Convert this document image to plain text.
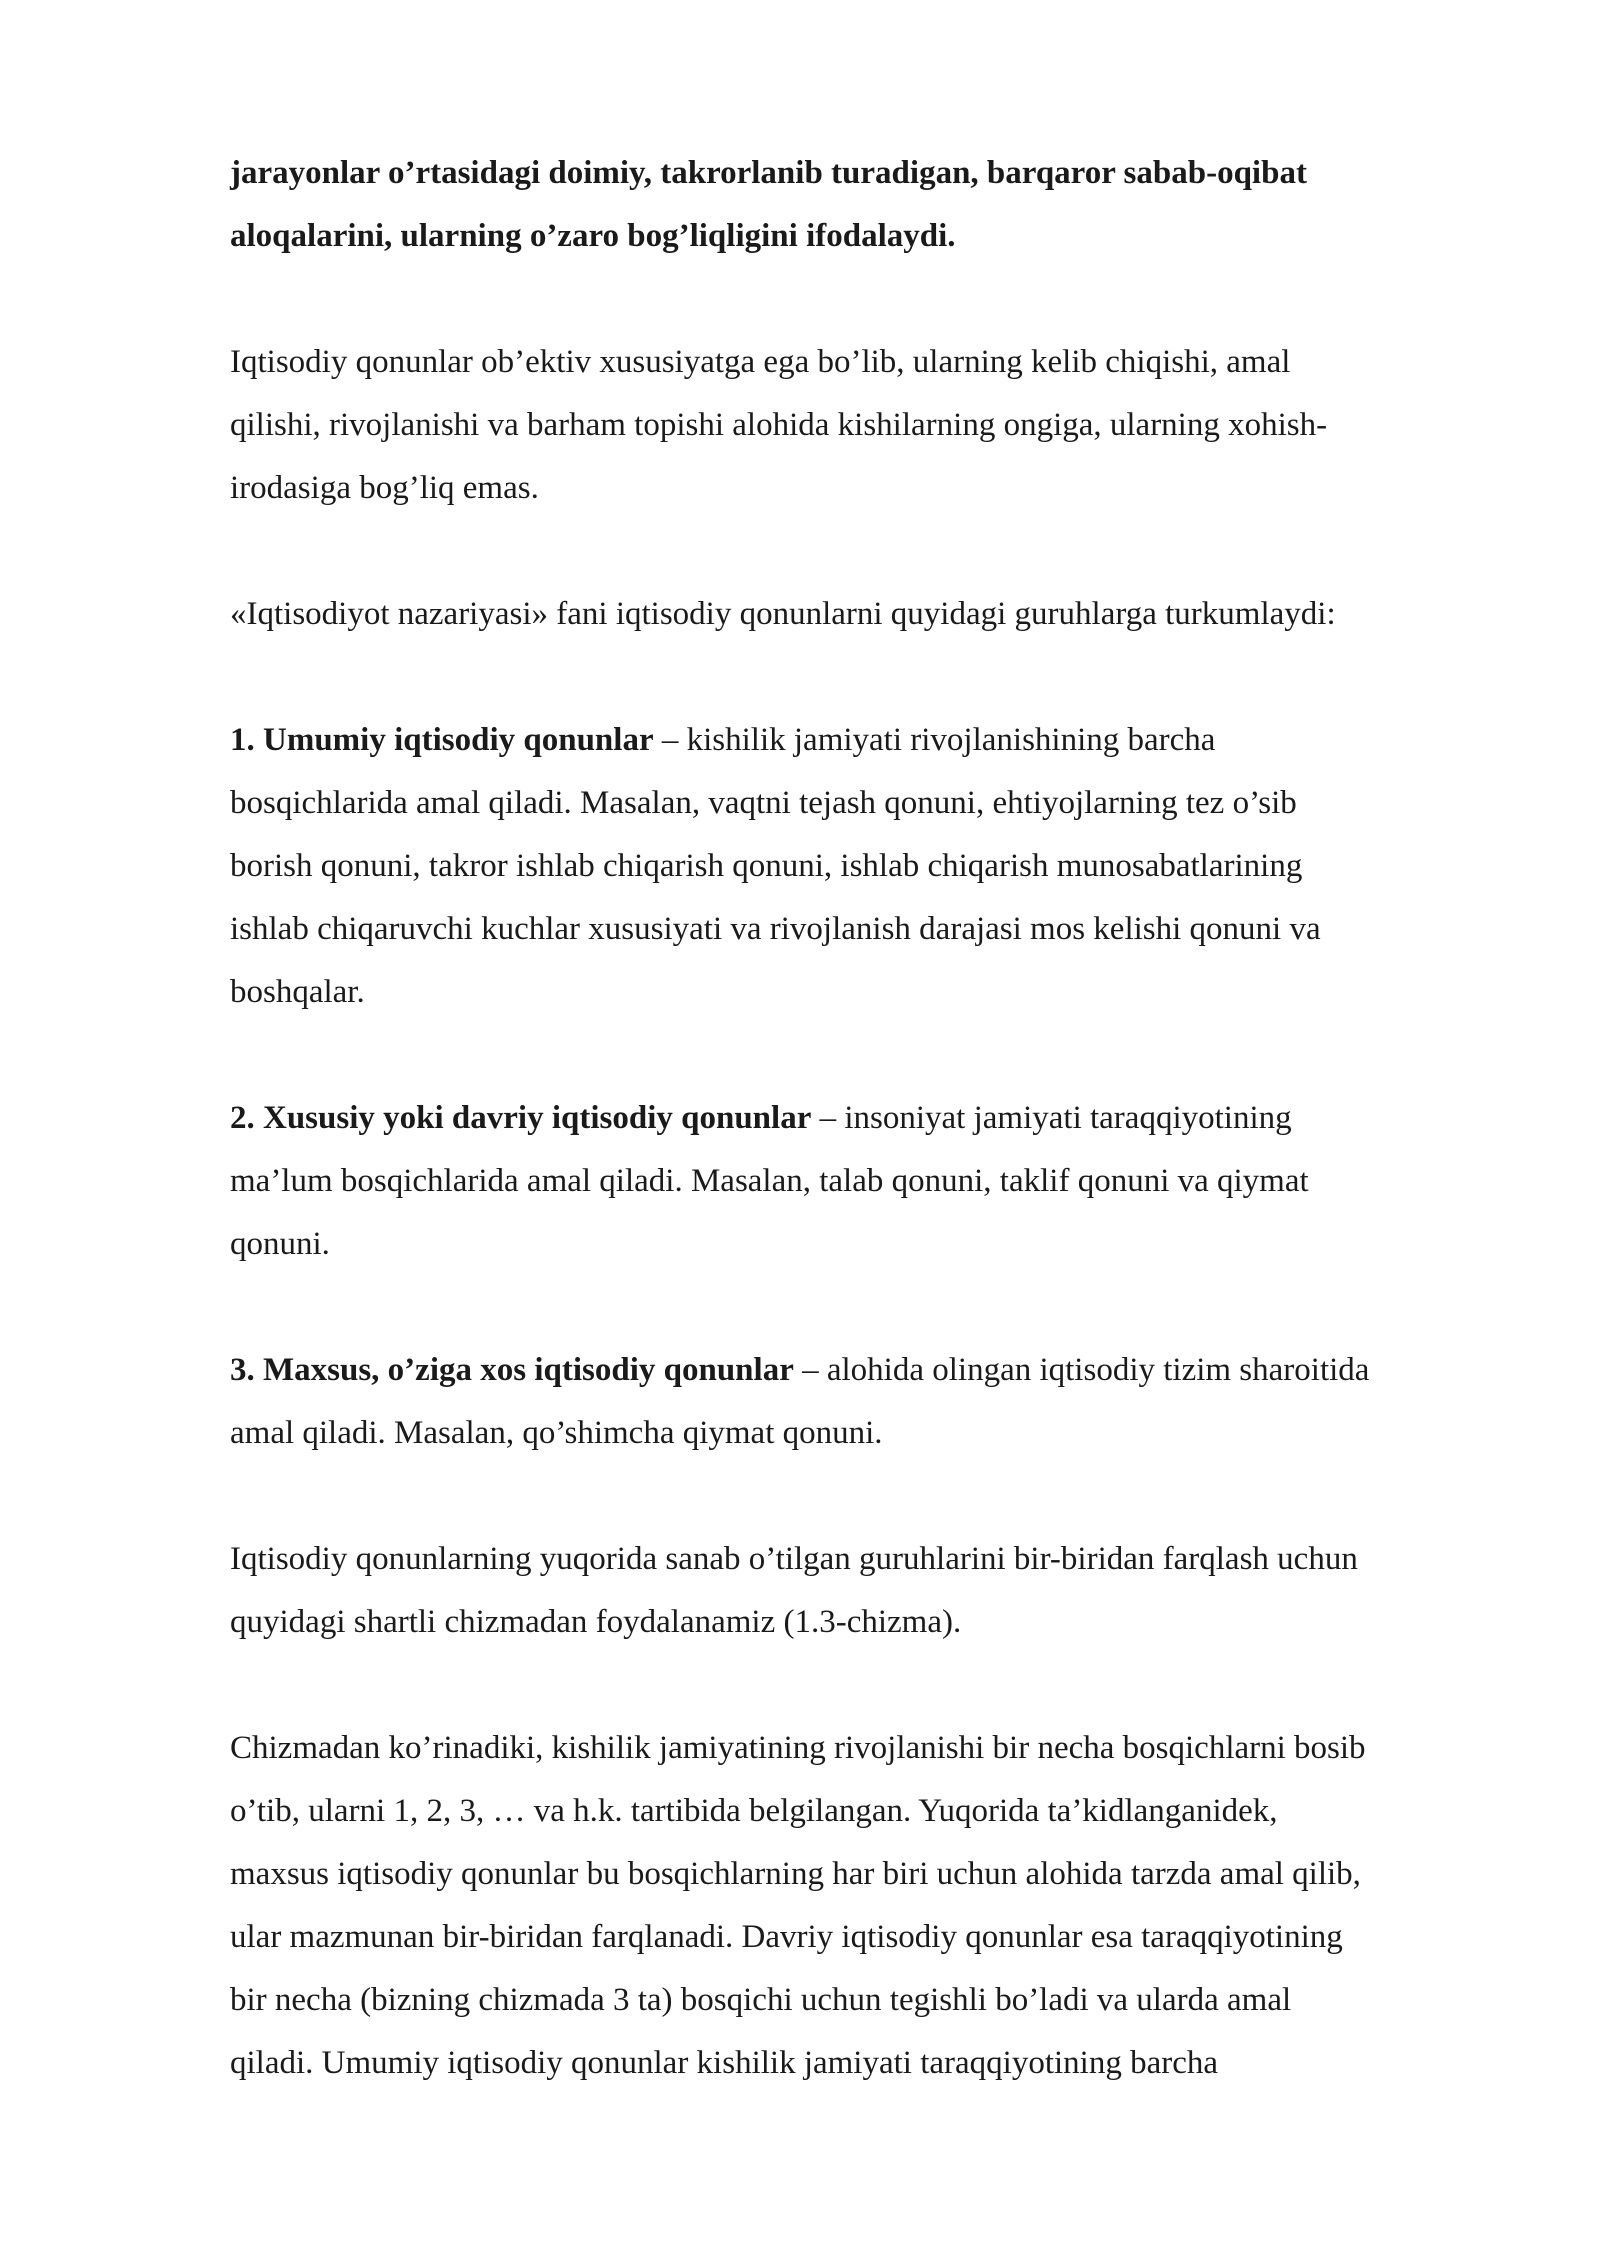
jarayonlar o’rtasidagi doimiy, takrorlanib turadigan, barqaror sabab-oqibat
aloqalarini, ularning o’zaro bog’liqligini ifodalaydi.

Iqtisodiy qonunlar ob’ektiv xususiyatga ega bo’lib, ularning kelib chiqishi, amal
qilishi, rivojlanishi va barham topishi alohida kishilarning ongiga, ularning xohish-
irodasiga bog’liq emas.

«Iqtisodiyot nazariyasi» fani iqtisodiy qonunlarni quyidagi guruhlarga turkumlaydi:

1. Umumiy iqtisodiy qonunlar – kishilik jamiyati rivojlanishining barcha
bosqichlarida amal qiladi. Masalan, vaqtni tejash qonuni, ehtiyojlarning tez o’sib
borish qonuni, takror ishlab chiqarish qonuni, ishlab chiqarish munosabatlarining
ishlab chiqaruvchi kuchlar xususiyati va rivojlanish darajasi mos kelishi qonuni va
boshqalar.

2. Xususiy yoki davriy iqtisodiy qonunlar – insoniyat jamiyati taraqqiyotining
ma’lum bosqichlarida amal qiladi. Masalan, talab qonuni, taklif qonuni va qiymat
qonuni.

3. Maxsus, o’ziga xos iqtisodiy qonunlar – alohida olingan iqtisodiy tizim sharoitida
amal qiladi. Masalan, qo’shimcha qiymat qonuni.

Iqtisodiy qonunlarning yuqorida sanab o’tilgan guruhlarini bir-biridan farqlash uchun
quyidagi shartli chizmadan foydalanamiz (1.3-chizma).

Chizmadan ko’rinadiki, kishilik jamiyatining rivojlanishi bir necha bosqichlarni bosib
o’tib, ularni 1, 2, 3, … va h.k. tartibida belgilangan. Yuqorida ta’kidlanganidek,
maxsus iqtisodiy qonunlar bu bosqichlarning har biri uchun alohida tarzda amal qilib,
ular mazmunan bir-biridan farqlanadi. Davriy iqtisodiy qonunlar esa taraqqiyotining
bir necha (bizning chizmada 3 ta) bosqichi uchun tegishli bo’ladi va ularda amal
qiladi. Umumiy iqtisodiy qonunlar kishilik jamiyati taraqqiyotining barcha
